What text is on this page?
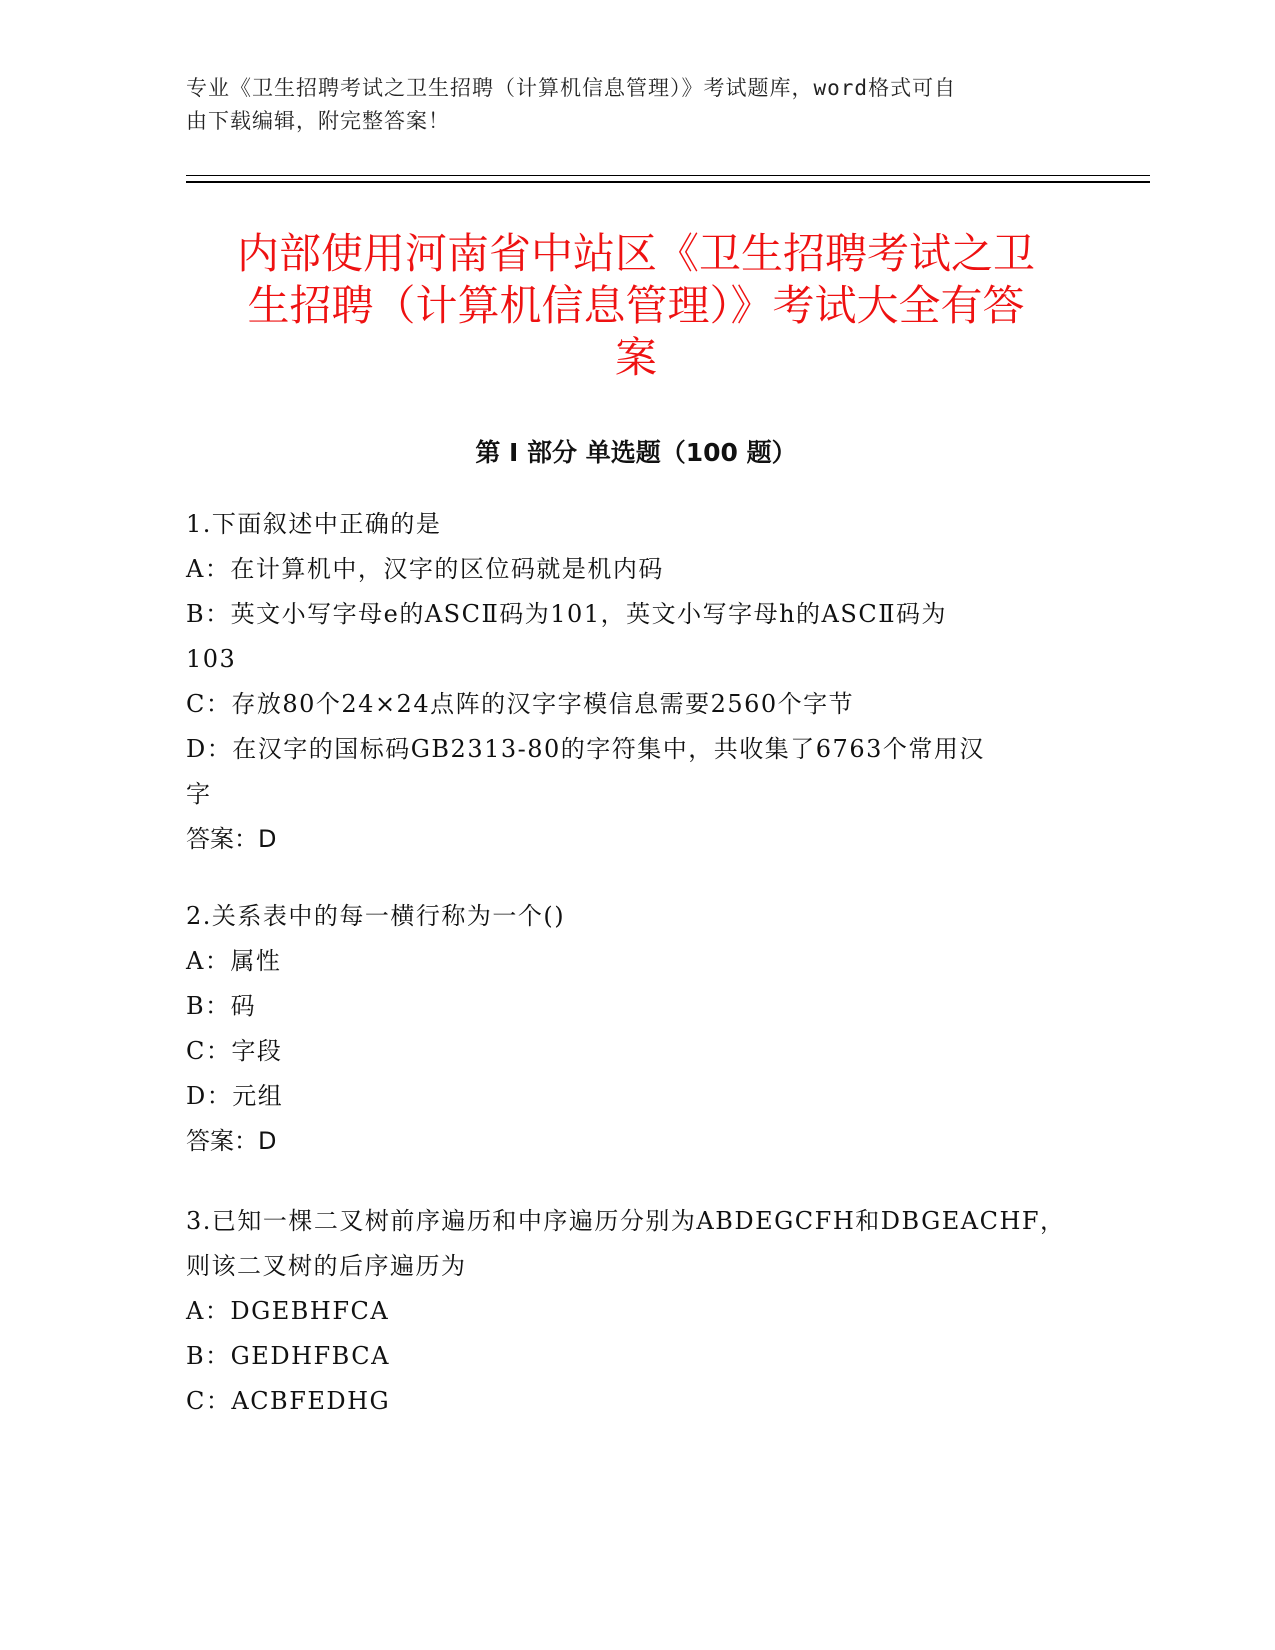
专业《卫生招聘考试之卫生招聘（计算机信息管理）》考试题库，word格式可自
由下载编辑，附完整答案！
内部使用河南省中站区《卫生招聘考试之卫
生招聘（计算机信息管理）》考试大全有答
案
第 I 部分 单选题（100 题）

1.下面叙述中正确的是

A：在计算机中，汉字的区位码就是机内码

B：英文小写字母e的ASCⅡ码为101，英文小写字母h的ASCⅡ码为
103

C：存放80个24×24点阵的汉字字模信息需要2560个字节

D：在汉字的国标码GB2313-80的字符集中，共收集了6763个常用汉
字

答案：D

2.关系表中的每一横行称为一个()

A：属性

B：码

C：字段

D：元组

答案：D

3.已知一棵二叉树前序遍历和中序遍历分别为ABDEGCFH和DBGEACHF，
则该二叉树的后序遍历为

A：DGEBHFCA

B：GEDHFBCA

C：ACBFEDHG
